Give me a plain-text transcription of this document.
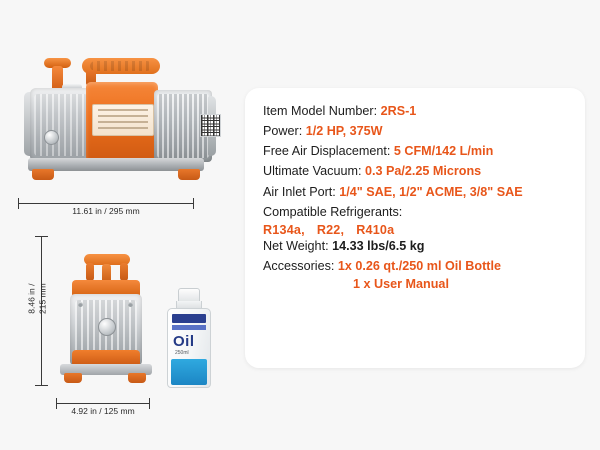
11.61 in / 295 mm
8.46 in /
215 mm
Oil
250ml
4.92 in / 125 mm
Item Model Number: 2RS-1
Power: 1/2 HP, 375W
Free Air Displacement: 5 CFM/142 L/min
Ultimate Vacuum: 0.3 Pa/2.25 Microns
Air Inlet Port: 1/4" SAE, 1/2" ACME, 3/8" SAE
Compatible Refrigerants:
R134a, R22, R410a
Net Weight: 14.33 lbs/6.5 kg
Accessories: 1x 0.26 qt./250 ml Oil Bottle
1 x User Manual
